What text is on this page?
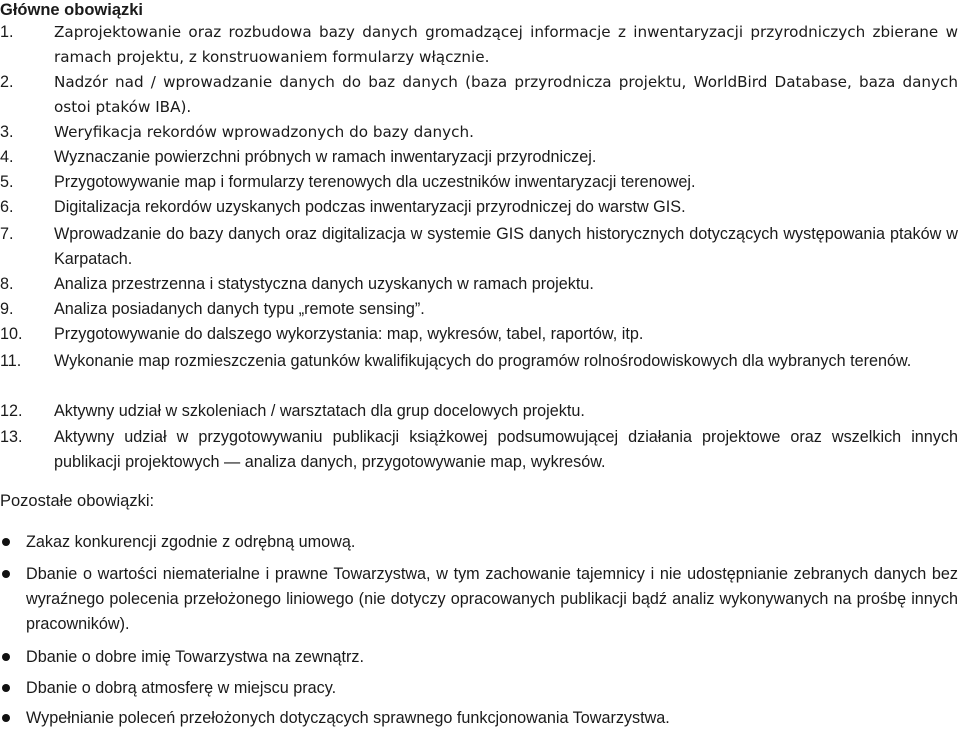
Główne obowiązki
1.	Zaprojektowanie oraz rozbudowa bazy danych gromadzącej informacje z inwentaryzacji przyrodniczych zbierane w ramach projektu, z konstruowaniem formularzy włącznie.
2.	Nadzór nad / wprowadzanie danych do baz danych (baza przyrodnicza projektu, WorldBird Database, baza danych ostoi ptaków IBA).
3.	Weryfikacja rekordów wprowadzonych do bazy danych.
4.	Wyznaczanie powierzchni próbnych w ramach inwentaryzacji przyrodniczej.
5.	Przygotowywanie map i formularzy terenowych dla uczestników inwentaryzacji terenowej.
6.	Digitalizacja rekordów uzyskanych podczas inwentaryzacji przyrodniczej do warstw GIS.
7.	Wprowadzanie do bazy danych oraz digitalizacja w systemie GIS danych historycznych dotyczących występowania ptaków w Karpatach.
8.	Analiza przestrzenna i statystyczna danych uzyskanych w ramach projektu.
9.	Analiza posiadanych danych typu „remote sensing”.
10.	Przygotowywanie do dalszego wykorzystania: map, wykresów, tabel, raportów, itp.
11.	Wykonanie map rozmieszczenia gatunków kwalifikujących do programów rolnośrodowiskowych dla wybranych terenów.
12.	Aktywny udział w szkoleniach / warsztatach dla grup docelowych projektu.
13.	Aktywny udział w przygotowywaniu publikacji książkowej podsumowującej działania projektowe oraz wszelkich innych publikacji projektowych — analiza danych, przygotowywanie map, wykresów.
Pozostałe obowiązki:
Zakaz konkurencji zgodnie z odrębną umową.
Dbanie o wartości niematerialne i prawne Towarzystwa, w tym zachowanie tajemnicy i nie udostępnianie zebranych danych bez wyraźnego polecenia przełożonego liniowego (nie dotyczy opracowanych publikacji bądź analiz wykonywanych na prośbę innych pracowników).
Dbanie o dobre imię Towarzystwa na zewnątrz.
Dbanie o dobrą atmosferę w miejscu pracy.
Wypełnianie poleceń przełożonych dotyczących sprawnego funkcjonowania Towarzystwa.
